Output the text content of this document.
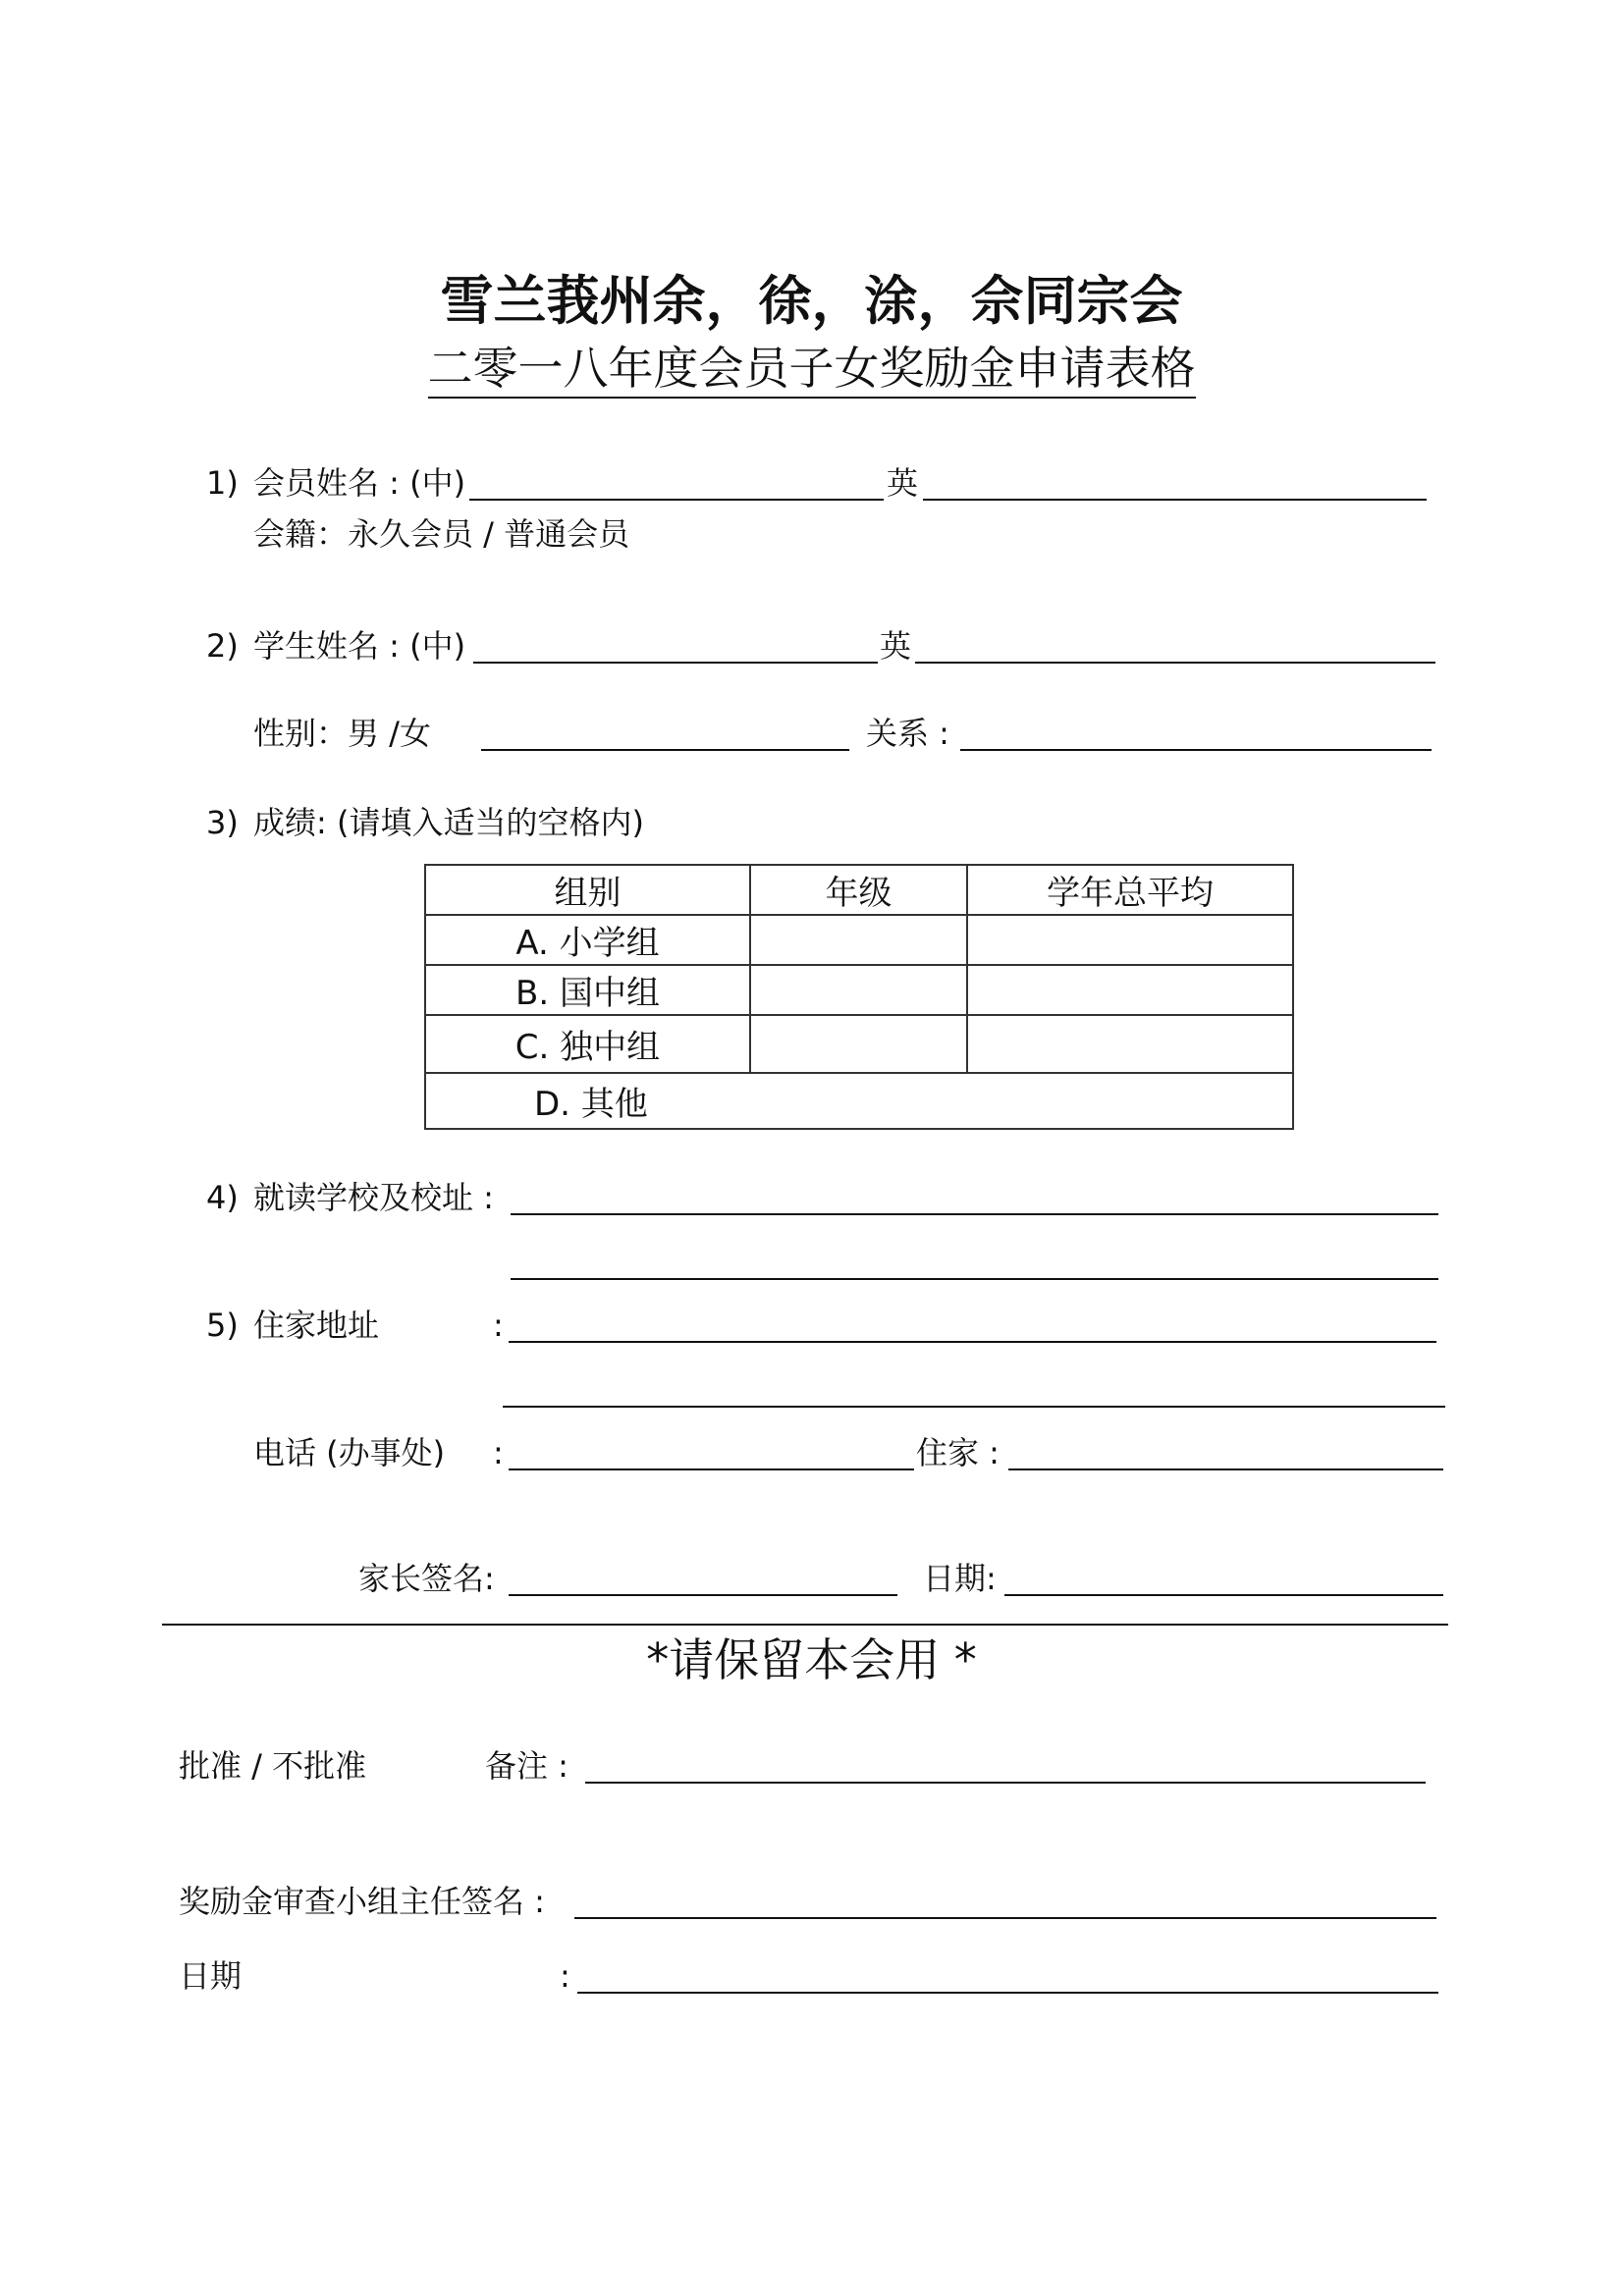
雪兰莪州余，徐，涂，佘同宗会
二零一八年度会员子女奖励金申请表格
1) 会员姓名 : (中)	英
会籍：永久会员 / 普通会员
2) 学生姓名 : (中)	英
性别：男 /女	关系 :
3) 成绩: (请填入适当的空格内)
组别	年级	学年总平均
A. 小学组		
B. 国中组		
C. 独中组		
D. 其他		
4) 就读学校及校址 :
5) 住家地址	:
电话 (办事处) :	住家 :
家长签名:	日期:
*请保留本会用 *
批准 / 不批准	备注 :
奖励金审查小组主任签名 :
日期	:
